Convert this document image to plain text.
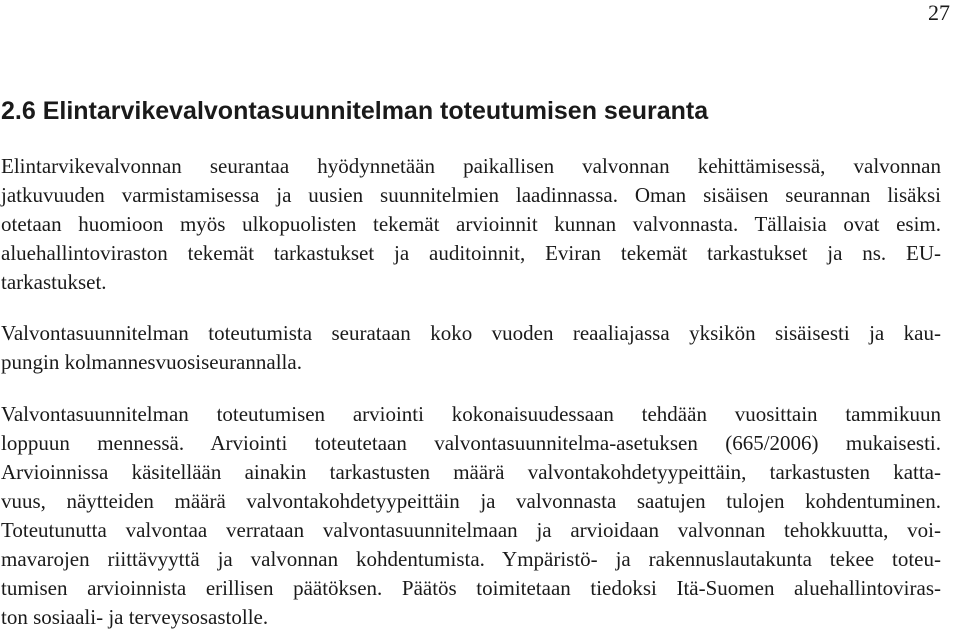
27
2.6 Elintarvikevalvontasuunnitelman toteutumisen seuranta
Elintarvikevalvonnan seurantaa hyödynnetään paikallisen valvonnan kehittämisessä, valvonnan
jatkuvuuden varmistamisessa ja uusien suunnitelmien laadinnassa. Oman sisäisen seurannan lisäksi
otetaan huomioon myös ulkopuolisten tekemät arvioinnit kunnan valvonnasta. Tällaisia ovat esim.
aluehallintoviraston tekemät tarkastukset ja auditoinnit, Eviran tekemät tarkastukset ja ns. EU-
tarkastukset.
Valvontasuunnitelman toteutumista seurataan koko vuoden reaaliajassa yksikön sisäisesti ja kau-
pungin kolmannesvuosiseurannalla.
Valvontasuunnitelman toteutumisen arviointi kokonaisuudessaan tehdään vuosittain tammikuun
loppuun mennessä. Arviointi toteutetaan valvontasuunnitelma-asetuksen (665/2006) mukaisesti.
Arvioinnissa käsitellään ainakin tarkastusten määrä valvontakohdetyypeittäin, tarkastusten katta-
vuus, näytteiden määrä valvontakohdetyypeittäin ja valvonnasta saatujen tulojen kohdentuminen.
Toteutunutta valvontaa verrataan valvontasuunnitelmaan ja arvioidaan valvonnan tehokkuutta, voi-
mavarojen riittävyyttä ja valvonnan kohdentumista. Ympäristö- ja rakennuslautakunta tekee toteu-
tumisen arvioinnista erillisen päätöksen. Päätös toimitetaan tiedoksi Itä-Suomen aluehallintoviras-
ton sosiaali- ja terveysosastolle.
